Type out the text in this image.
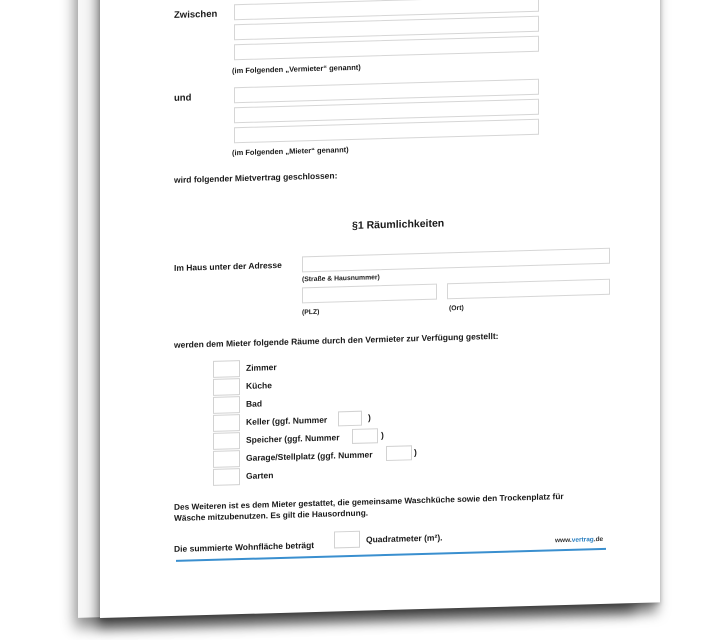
Zwischen
(im Folgenden „Vermieter“ genannt)
und
(im Folgenden „Mieter“ genannt)
wird folgender Mietvertrag geschlossen:
§1 Räumlichkeiten
Im Haus unter der Adresse
(Straße & Hausnummer)
(PLZ)
(Ort)
werden dem Mieter folgende Räume durch den Vermieter zur Verfügung gestellt:
Zimmer
Küche
Bad
Keller (ggf. Nummer	)
Speicher (ggf. Nummer	)
Garage/Stellplatz (ggf. Nummer	)
Garten
Des Weiteren ist es dem Mieter gestattet, die gemeinsame Waschküche sowie den Trockenplatz für
Wäsche mitzubenutzen. Es gilt die Hausordnung.
Die summierte Wohnfläche beträgt
Quadratmeter (m²).	www.vertrag.de
